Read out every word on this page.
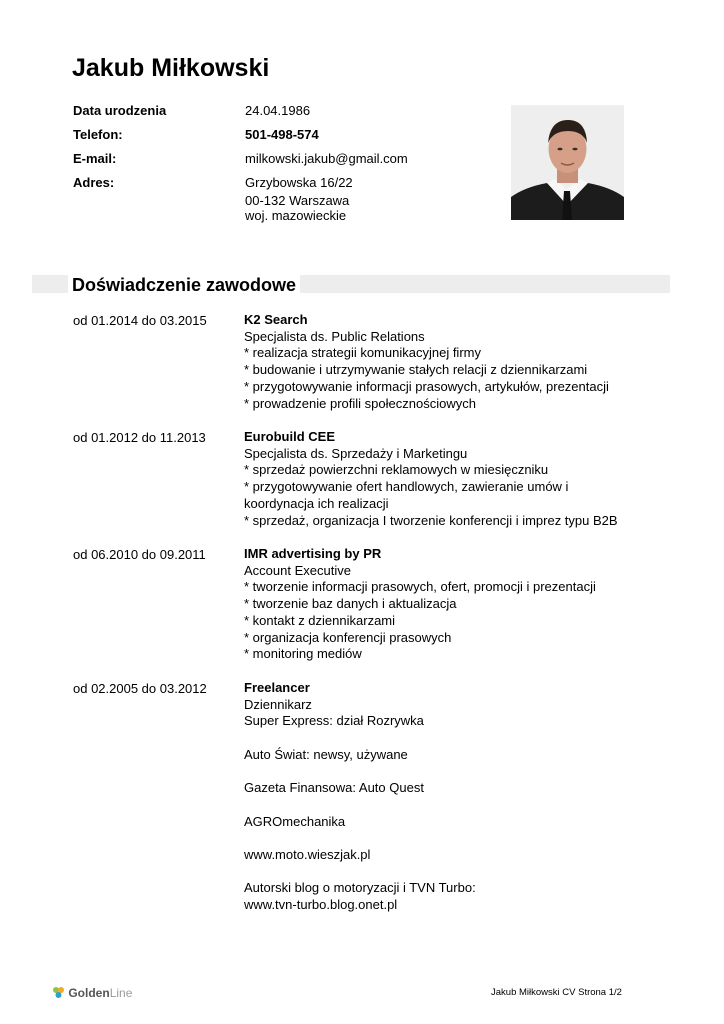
Jakub Miłkowski
Data urodzenia	24.04.1986
Telefon:	501-498-574
E-mail:	milkowski.jakub@gmail.com
Adres:	Grzybowska 16/22
00-132 Warszawa
woj. mazowieckie
Doświadczenie zawodowe
od 01.2014 do 03.2015	K2 Search

Specjalista ds. Public Relations

* realizacja strategii komunikacyjnej firmy

* budowanie i utrzymywanie stałych relacji z dziennikarzami

* przygotowywanie informacji prasowych, artykułów, prezentacji

* prowadzenie profili społecznościowych

od 01.2012 do 11.2013	Eurobuild CEE

Specjalista ds. Sprzedaży i Marketingu

* sprzedaż powierzchni reklamowych w miesięczniku

* przygotowywanie ofert handlowych, zawieranie umów i

koordynacja ich realizacji

* sprzedaż, organizacja I tworzenie konferencji i imprez typu B2B

od 06.2010 do 09.2011	IMR advertising by PR

Account Executive

* tworzenie informacji prasowych, ofert, promocji i prezentacji

* tworzenie baz danych i aktualizacja

* kontakt z dziennikarzami

* organizacja konferencji prasowych

* monitoring mediów

od 02.2005 do 03.2012	Freelancer

Dziennikarz

Super Express: dział Rozrywka

Auto Świat: newsy, używane

Gazeta Finansowa: Auto Quest

AGROmechanika

www.moto.wieszjak.pl

Autorski blog o motoryzacji i TVN Turbo:

www.tvn-turbo.blog.onet.pl

GoldenLine	Jakub Miłkowski CV Strona 1/2
